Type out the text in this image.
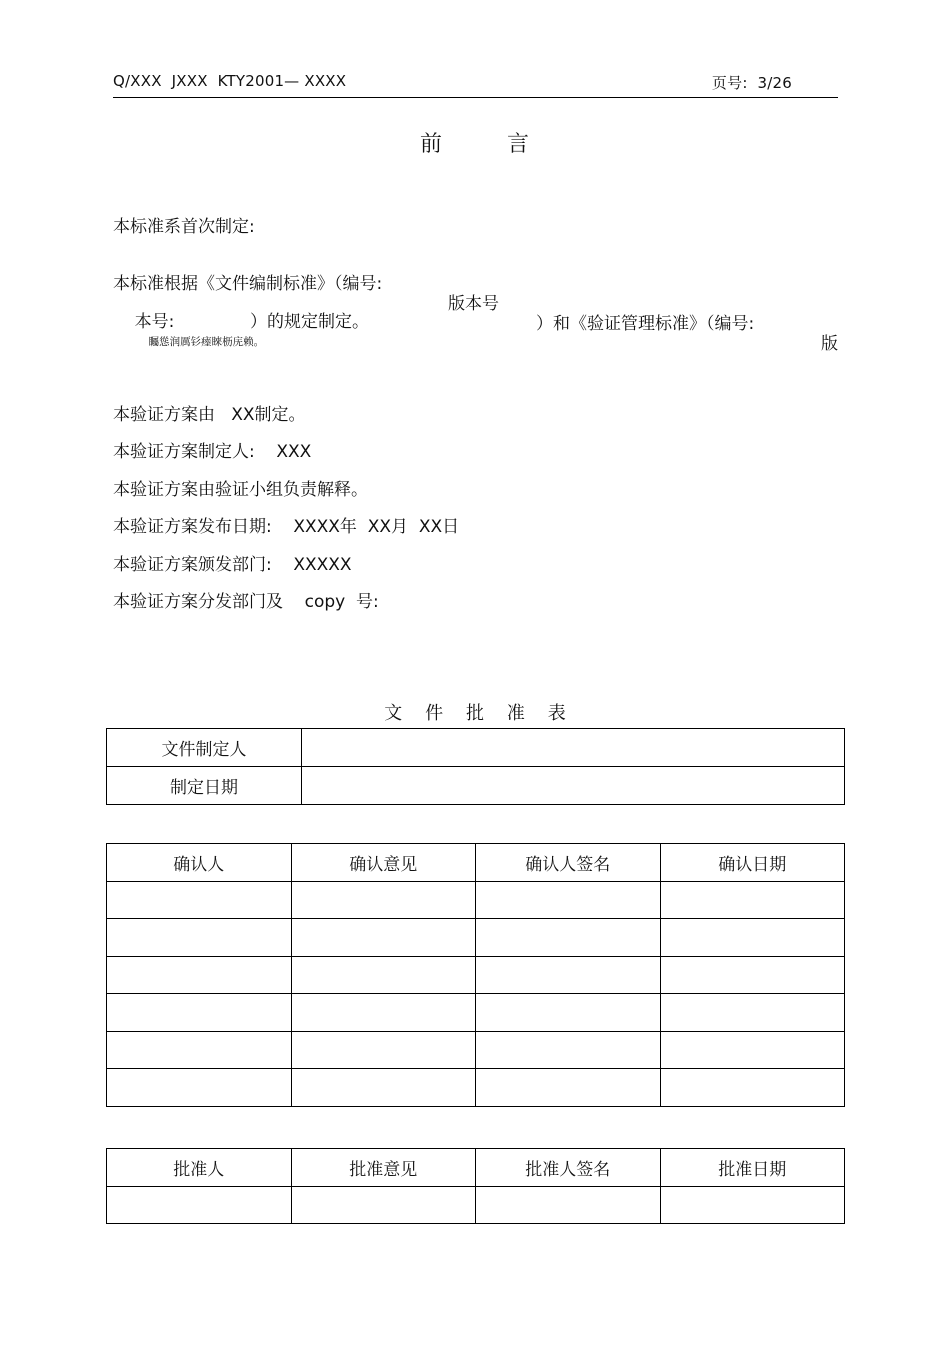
Q/XXX  JXXX  KTY2001— XXXX	页号:  3/26
前        言
本标准系首次制定:

本标准根据《文件编制标准》（编号:

版本号

）和《验证管理标准》（编号:

版

本号:              ）的规定制定。
矚慫润厲钐瘗睞枥庑赖。

本验证方案由   XX制定。
本验证方案制定人:    XXX
本验证方案由验证小组负责解释。
本验证方案发布日期:    XXXX年  XX月  XX日
本验证方案颁发部门:    XXXXX
本验证方案分发部门及    copy  号:
文    件    批    准    表
文件制定人	
制定日期	
确认人	确认意见	确认人签名	确认日期

批准人	批准意见	批准人签名	批准日期
